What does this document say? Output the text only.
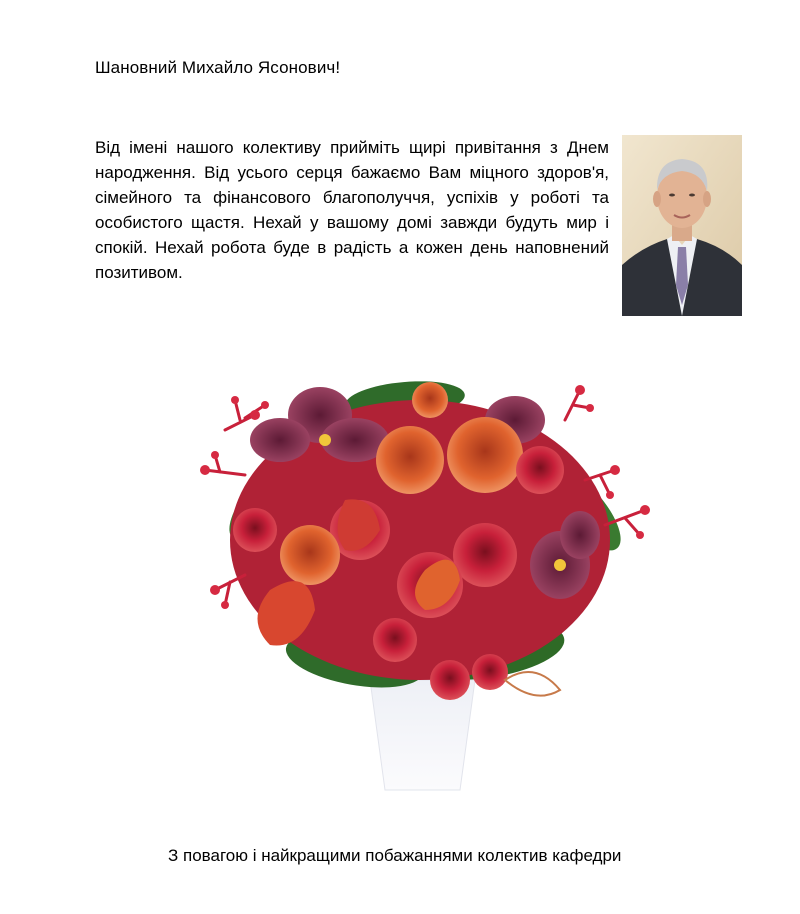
Шановний Михайло Ясонович!
Від імені нашого колективу прийміть щирі привітання з Днем народження. Від усього серця бажаємо Вам міцного здоров'я, сімейного та фінансового благополуччя, успіхів у роботі та особистого щастя. Нехай у вашому домі завжди будуть мир і спокій. Нехай робота буде в радість а кожен день наповнений позитивом.
З повагою і найкращими побажаннями колектив кафедри
